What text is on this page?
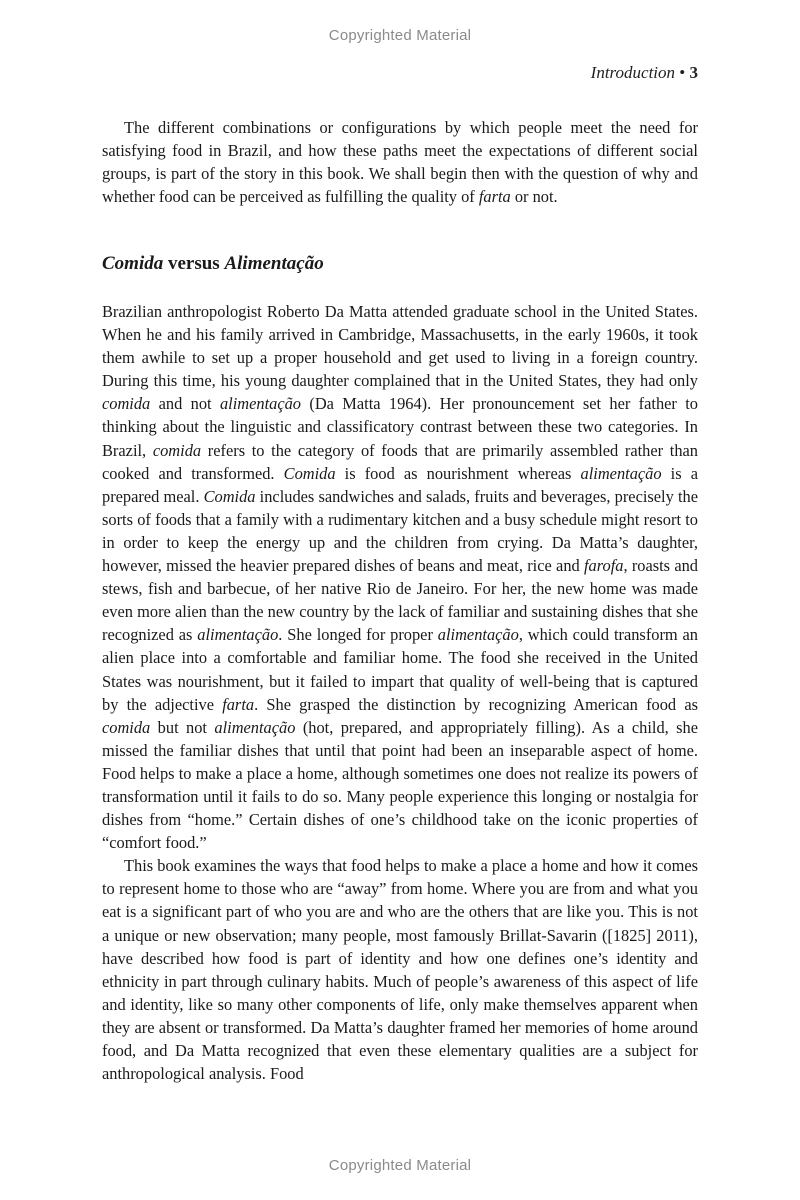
Copyrighted Material
Introduction • 3

The different combinations or configurations by which people meet the need for satisfying food in Brazil, and how these paths meet the expectations of different social groups, is part of the story in this book. We shall begin then with the question of why and whether food can be perceived as fulfilling the quality of farta or not.

Comida versus Alimentação

Brazilian anthropologist Roberto Da Matta attended graduate school in the United States. When he and his family arrived in Cambridge, Massachusetts, in the early 1960s, it took them awhile to set up a proper household and get used to living in a foreign country. During this time, his young daughter complained that in the United States, they had only comida and not alimentação (Da Matta 1964). Her pronouncement set her father to thinking about the linguistic and classificatory contrast between these two categories. In Brazil, comida refers to the category of foods that are primarily assembled rather than cooked and transformed. Comida is food as nourishment whereas alimentação is a prepared meal. Comida includes sandwiches and salads, fruits and beverages, precisely the sorts of foods that a family with a rudimentary kitchen and a busy schedule might resort to in order to keep the energy up and the children from crying. Da Matta’s daughter, however, missed the heavier prepared dishes of beans and meat, rice and farofa, roasts and stews, fish and barbecue, of her native Rio de Janeiro. For her, the new home was made even more alien than the new country by the lack of familiar and sustaining dishes that she recognized as alimentação. She longed for proper alimentação, which could transform an alien place into a comfortable and familiar home. The food she received in the United States was nourishment, but it failed to impart that quality of well-being that is captured by the adjective farta. She grasped the distinction by recognizing American food as comida but not alimentação (hot, prepared, and appropriately filling). As a child, she missed the familiar dishes that until that point had been an inseparable aspect of home. Food helps to make a place a home, although sometimes one does not realize its powers of transformation until it fails to do so. Many people experience this longing or nostalgia for dishes from “home.” Certain dishes of one’s childhood take on the iconic properties of “comfort food.”

This book examines the ways that food helps to make a place a home and how it comes to represent home to those who are “away” from home. Where you are from and what you eat is a significant part of who you are and who are the others that are like you. This is not a unique or new observation; many people, most famously Brillat-Savarin ([1825] 2011), have described how food is part of identity and how one defines one’s identity and ethnicity in part through culinary habits. Much of people’s awareness of this aspect of life and identity, like so many other components of life, only make themselves apparent when they are absent or transformed. Da Matta’s daughter framed her memories of home around food, and Da Matta recognized that even these elementary qualities are a subject for anthropological analysis. Food

Copyrighted Material
